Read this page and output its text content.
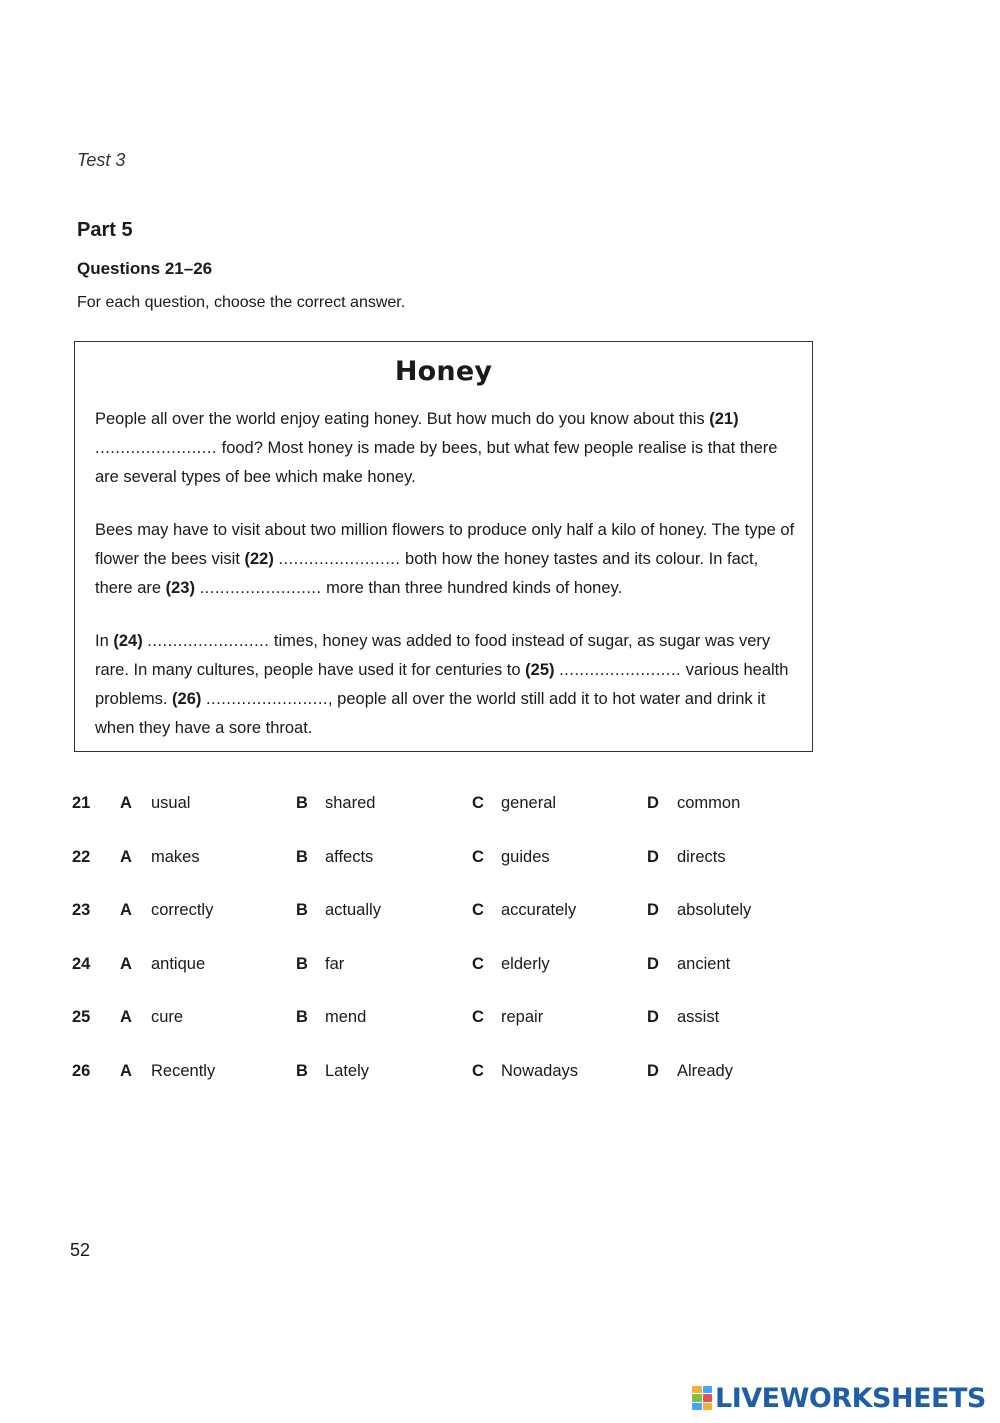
Test 3
Part 5
Questions 21–26
For each question, choose the correct answer.
Honey
People all over the world enjoy eating honey. But how much do you know about this (21) ........................ food? Most honey is made by bees, but what few people realise is that there are several types of bee which make honey.
Bees may have to visit about two million flowers to produce only half a kilo of honey. The type of flower the bees visit (22) ........................ both how the honey tastes and its colour. In fact, there are (23) ........................ more than three hundred kinds of honey.
In (24) ........................ times, honey was added to food instead of sugar, as sugar was very rare. In many cultures, people have used it for centuries to (25) ........................ various health problems. (26) ........................, people all over the world still add it to hot water and drink it when they have a sore throat.
21 A usual	B shared	C general	D common
22 A makes	B affects	C guides	D directs
23 A correctly	B actually	C accurately	D absolutely
24 A antique	B far	C elderly	D ancient
25 A cure	B mend	C repair	D assist
26 A Recently	B Lately	C Nowadays	D Already
52
LIVEWORKSHEETS
